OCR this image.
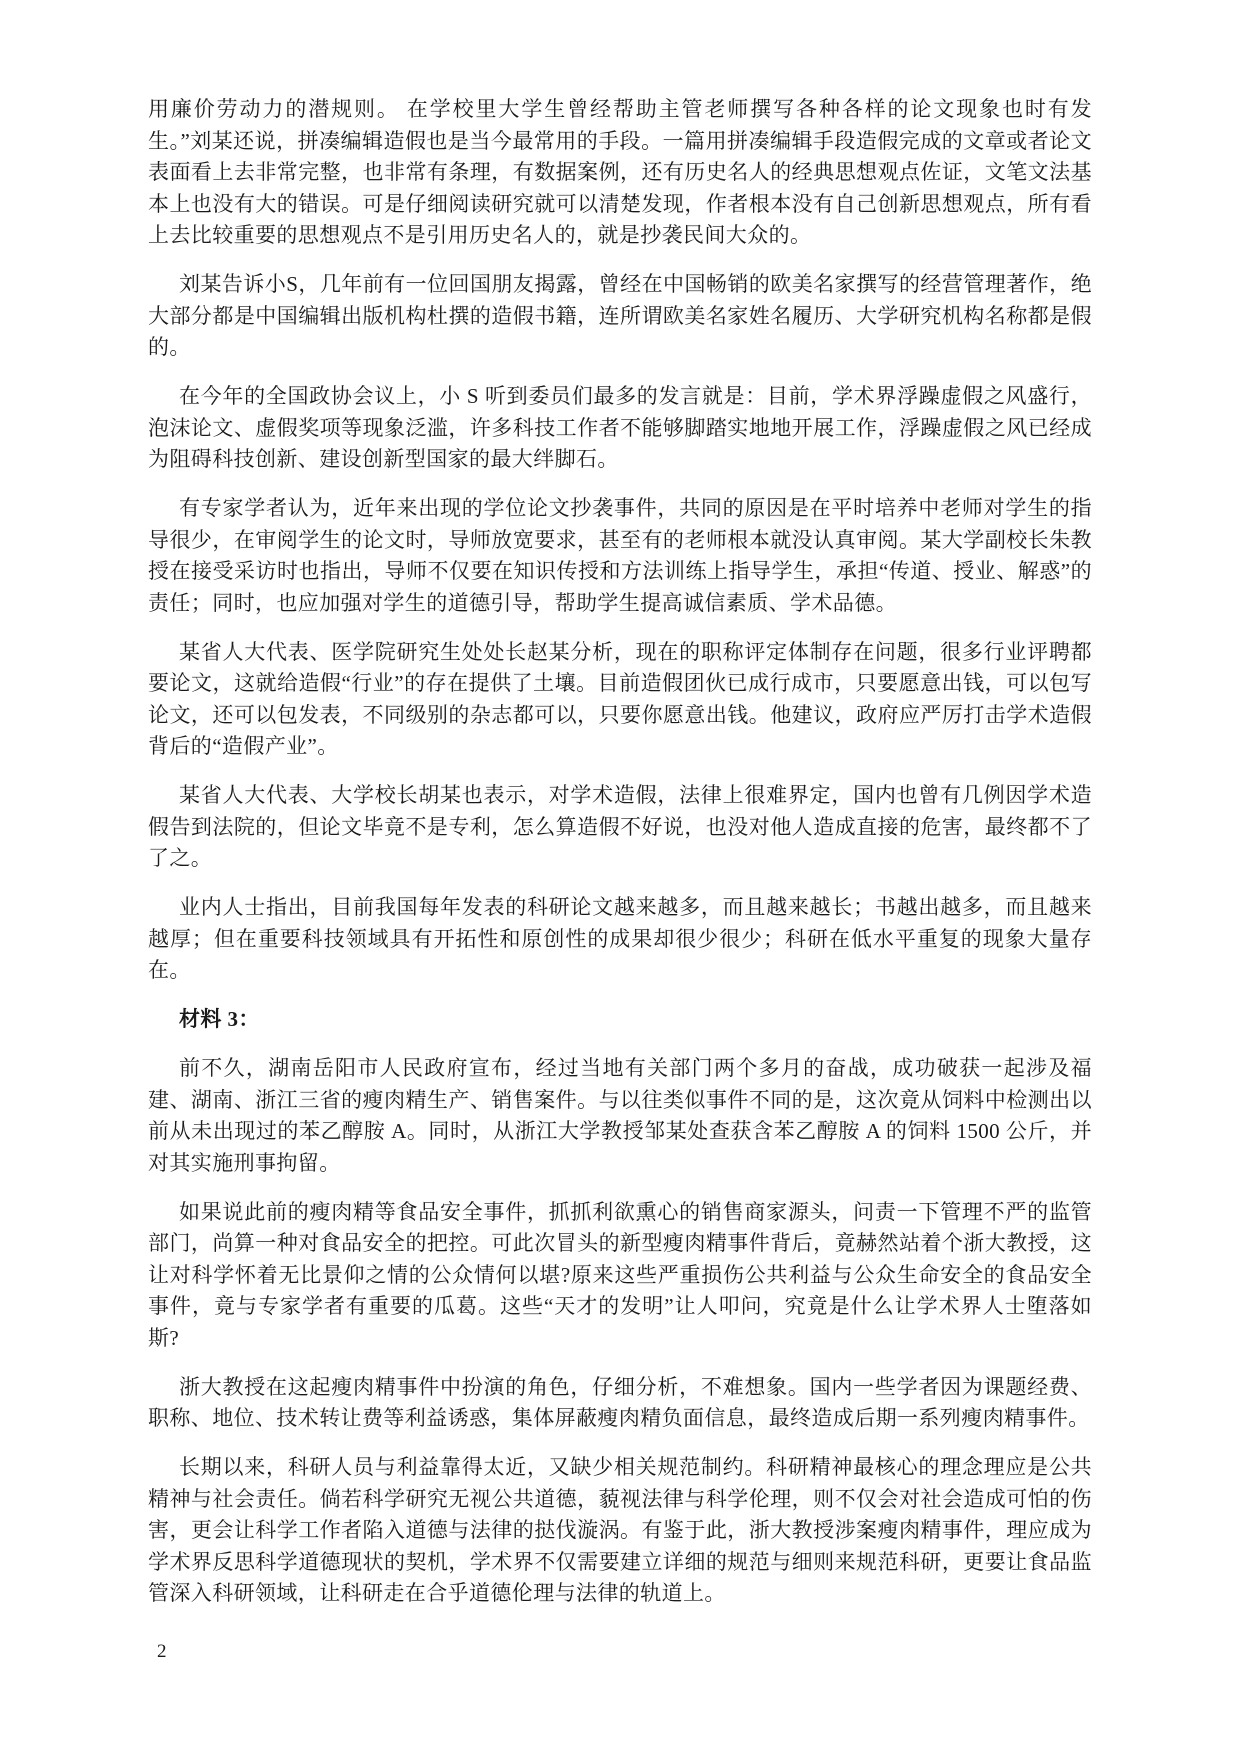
用廉价劳动力的潜规则。 在学校里大学生曾经帮助主管老师撰写各种各样的论文现象也时有发生。”刘某还说，拼凑编辑造假也是当今最常用的手段。一篇用拼凑编辑手段造假完成的文章或者论文表面看上去非常完整，也非常有条理，有数据案例，还有历史名人的经典思想观点佐证，文笔文法基本上也没有大的错误。可是仔细阅读研究就可以清楚发现，作者根本没有自己创新思想观点，所有看上去比较重要的思想观点不是引用历史名人的，就是抄袭民间大众的。

刘某告诉小S，几年前有一位回国朋友揭露，曾经在中国畅销的欧美名家撰写的经营管理著作，绝大部分都是中国编辑出版机构杜撰的造假书籍，连所谓欧美名家姓名履历、大学研究机构名称都是假的。

在今年的全国政协会议上，小 S 听到委员们最多的发言就是：目前，学术界浮躁虚假之风盛行，泡沫论文、虚假奖项等现象泛滥，许多科技工作者不能够脚踏实地地开展工作，浮躁虚假之风已经成为阻碍科技创新、建设创新型国家的最大绊脚石。

有专家学者认为，近年来出现的学位论文抄袭事件，共同的原因是在平时培养中老师对学生的指导很少，在审阅学生的论文时，导师放宽要求，甚至有的老师根本就没认真审阅。某大学副校长朱教授在接受采访时也指出，导师不仅要在知识传授和方法训练上指导学生，承担“传道、授业、解惑”的责任；同时，也应加强对学生的道德引导，帮助学生提高诚信素质、学术品德。

某省人大代表、医学院研究生处处长赵某分析，现在的职称评定体制存在问题，很多行业评聘都要论文，这就给造假“行业”的存在提供了土壤。目前造假团伙已成行成市，只要愿意出钱，可以包写论文，还可以包发表，不同级别的杂志都可以，只要你愿意出钱。他建议，政府应严厉打击学术造假背后的“造假产业”。

某省人大代表、大学校长胡某也表示，对学术造假，法律上很难界定，国内也曾有几例因学术造假告到法院的，但论文毕竟不是专利，怎么算造假不好说，也没对他人造成直接的危害，最终都不了了之。

业内人士指出，目前我国每年发表的科研论文越来越多，而且越来越长；书越出越多，而且越来越厚；但在重要科技领域具有开拓性和原创性的成果却很少很少；科研在低水平重复的现象大量存在。

材料 3：

前不久，湖南岳阳市人民政府宣布，经过当地有关部门两个多月的奋战，成功破获一起涉及福建、湖南、浙江三省的瘦肉精生产、销售案件。与以往类似事件不同的是，这次竟从饲料中检测出以前从未出现过的苯乙醇胺 A。同时，从浙江大学教授邹某处查获含苯乙醇胺 A 的饲料 1500 公斤，并对其实施刑事拘留。

如果说此前的瘦肉精等食品安全事件，抓抓利欲熏心的销售商家源头，问责一下管理不严的监管部门，尚算一种对食品安全的把控。可此次冒头的新型瘦肉精事件背后，竟赫然站着个浙大教授，这让对科学怀着无比景仰之情的公众情何以堪?原来这些严重损伤公共利益与公众生命安全的食品安全事件，竟与专家学者有重要的瓜葛。这些“天才的发明”让人叩问，究竟是什么让学术界人士堕落如斯?

浙大教授在这起瘦肉精事件中扮演的角色，仔细分析，不难想象。国内一些学者因为课题经费、职称、地位、技术转让费等利益诱惑，集体屏蔽瘦肉精负面信息，最终造成后期一系列瘦肉精事件。

长期以来，科研人员与利益靠得太近，又缺少相关规范制约。科研精神最核心的理念理应是公共精神与社会责任。倘若科学研究无视公共道德，藐视法律与科学伦理，则不仅会对社会造成可怕的伤害，更会让科学工作者陷入道德与法律的挞伐漩涡。有鉴于此，浙大教授涉案瘦肉精事件，理应成为学术界反思科学道德现状的契机，学术界不仅需要建立详细的规范与细则来规范科研，更要让食品监管深入科研领域，让科研走在合乎道德伦理与法律的轨道上。

2
